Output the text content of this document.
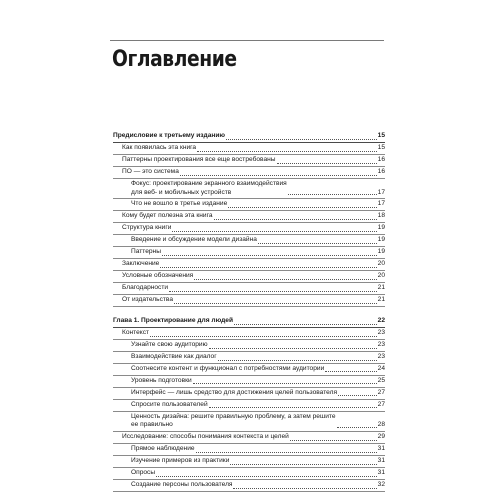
Оглавление
Предисловие к третьему изданию	15
Как появилась эта книга	15
Паттерны проектирования все еще востребованы	16
ПО — это система	16
Фокус: проектирование экранного взаимодействия
для веб- и мобильных устройств	17
Что не вошло в третье издание	17
Кому будет полезна эта книга	18
Структура книги	19
Введение и обсуждение модели дизайна	19
Паттерны	19
Заключение	20
Условные обозначения	20
Благодарности	21
От издательства	21
Глава 1. Проектирование для людей	22
Контекст	23
Узнайте свою аудиторию	23
Взаимодействие как диалог	23
Соотнесите контент и функционал с потребностями аудитории	24
Уровень подготовки	25
Интерфейс — лишь средство для достижения целей пользователя	27
Спросите пользователей	27
Ценность дизайна: решите правильную проблему, а затем решите
ее правильно	28
Исследование: способы понимания контекста и целей	29
Прямое наблюдение	31
Изучение примеров из практики	31
Опросы	31
Создание персоны пользователя	32
